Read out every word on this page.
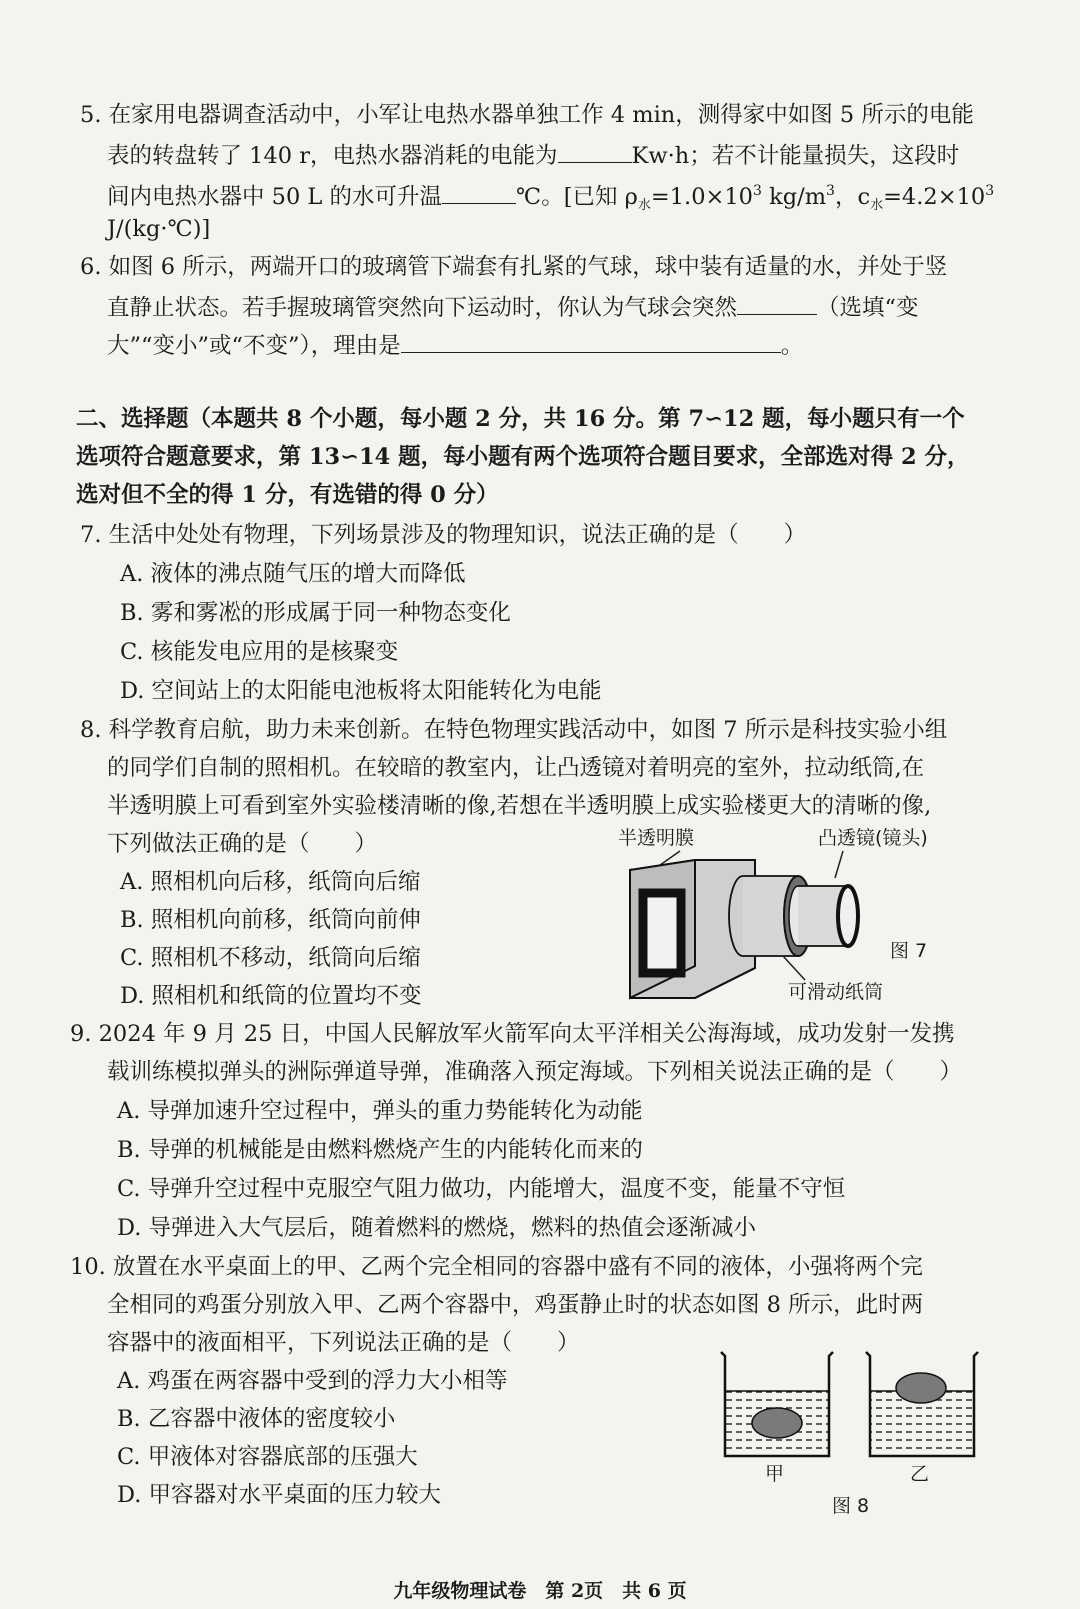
5. 在家用电器调查活动中，小军让电热水器单独工作 4 min，测得家中如图 5 所示的电能
表的转盘转了 140 r，电热水器消耗的电能为	Kw·h；若不计能量损失，这段时
间内电热水器中 50 L 的水可升温	℃。[已知 $\rho_水=1.0\times 10^3$ $kg/m^3$，$c_水=4.2\times 10^3$
J/(kg·℃)]
6. 如图 6 所示，两端开口的玻璃管下端套有扎紧的气球，球中装有适量的水，并处于竖
直静止状态。若手握玻璃管突然向下运动时，你认为气球会突然	（选填“变
大”“变小”或“不变”），理由是	。
二、选择题（本题共 8 个小题，每小题 2 分，共 16 分。第 7∽12 题，每小题只有一个
选项符合题意要求，第 13∽14 题，每小题有两个选项符合题目要求，全部选对得 2 分，
选对但不全的得 1 分，有选错的得 0 分）
7. 生活中处处有物理，下列场景涉及的物理知识，说法正确的是（　　）
A. 液体的沸点随气压的增大而降低
B. 雾和雾凇的形成属于同一种物态变化
C. 核能发电应用的是核聚变
D. 空间站上的太阳能电池板将太阳能转化为电能
8. 科学教育启航，助力未来创新。在特色物理实践活动中，如图 7 所示是科技实验小组
的同学们自制的照相机。在较暗的教室内，让凸透镜对着明亮的室外，拉动纸筒,在
半透明膜上可看到室外实验楼清晰的像,若想在半透明膜上成实验楼更大的清晰的像,
下列做法正确的是（　　）
A. 照相机向后移，纸筒向后缩
B. 照相机向前移，纸筒向前伸
C. 照相机不移动，纸筒向后缩
D. 照相机和纸筒的位置均不变
半透明膜	凸透镜(镜头)
图 7
可滑动纸筒
9. 2024 年 9 月 25 日，中国人民解放军火箭军向太平洋相关公海海域，成功发射一发携
载训练模拟弹头的洲际弹道导弹，准确落入预定海域。下列相关说法正确的是（　　）
A. 导弹加速升空过程中，弹头的重力势能转化为动能
B. 导弹的机械能是由燃料燃烧产生的内能转化而来的
C. 导弹升空过程中克服空气阻力做功，内能增大，温度不变，能量不守恒
D. 导弹进入大气层后，随着燃料的燃烧，燃料的热值会逐渐减小
10. 放置在水平桌面上的甲、乙两个完全相同的容器中盛有不同的液体，小强将两个完
全相同的鸡蛋分别放入甲、乙两个容器中，鸡蛋静止时的状态如图 8 所示，此时两
容器中的液面相平，下列说法正确的是（　　）
A. 鸡蛋在两容器中受到的浮力大小相等
B. 乙容器中液体的密度较小
C. 甲液体对容器底部的压强大
D. 甲容器对水平桌面的压力较大
甲	乙
图 8
九年级物理试卷　第 2页　共 6 页
